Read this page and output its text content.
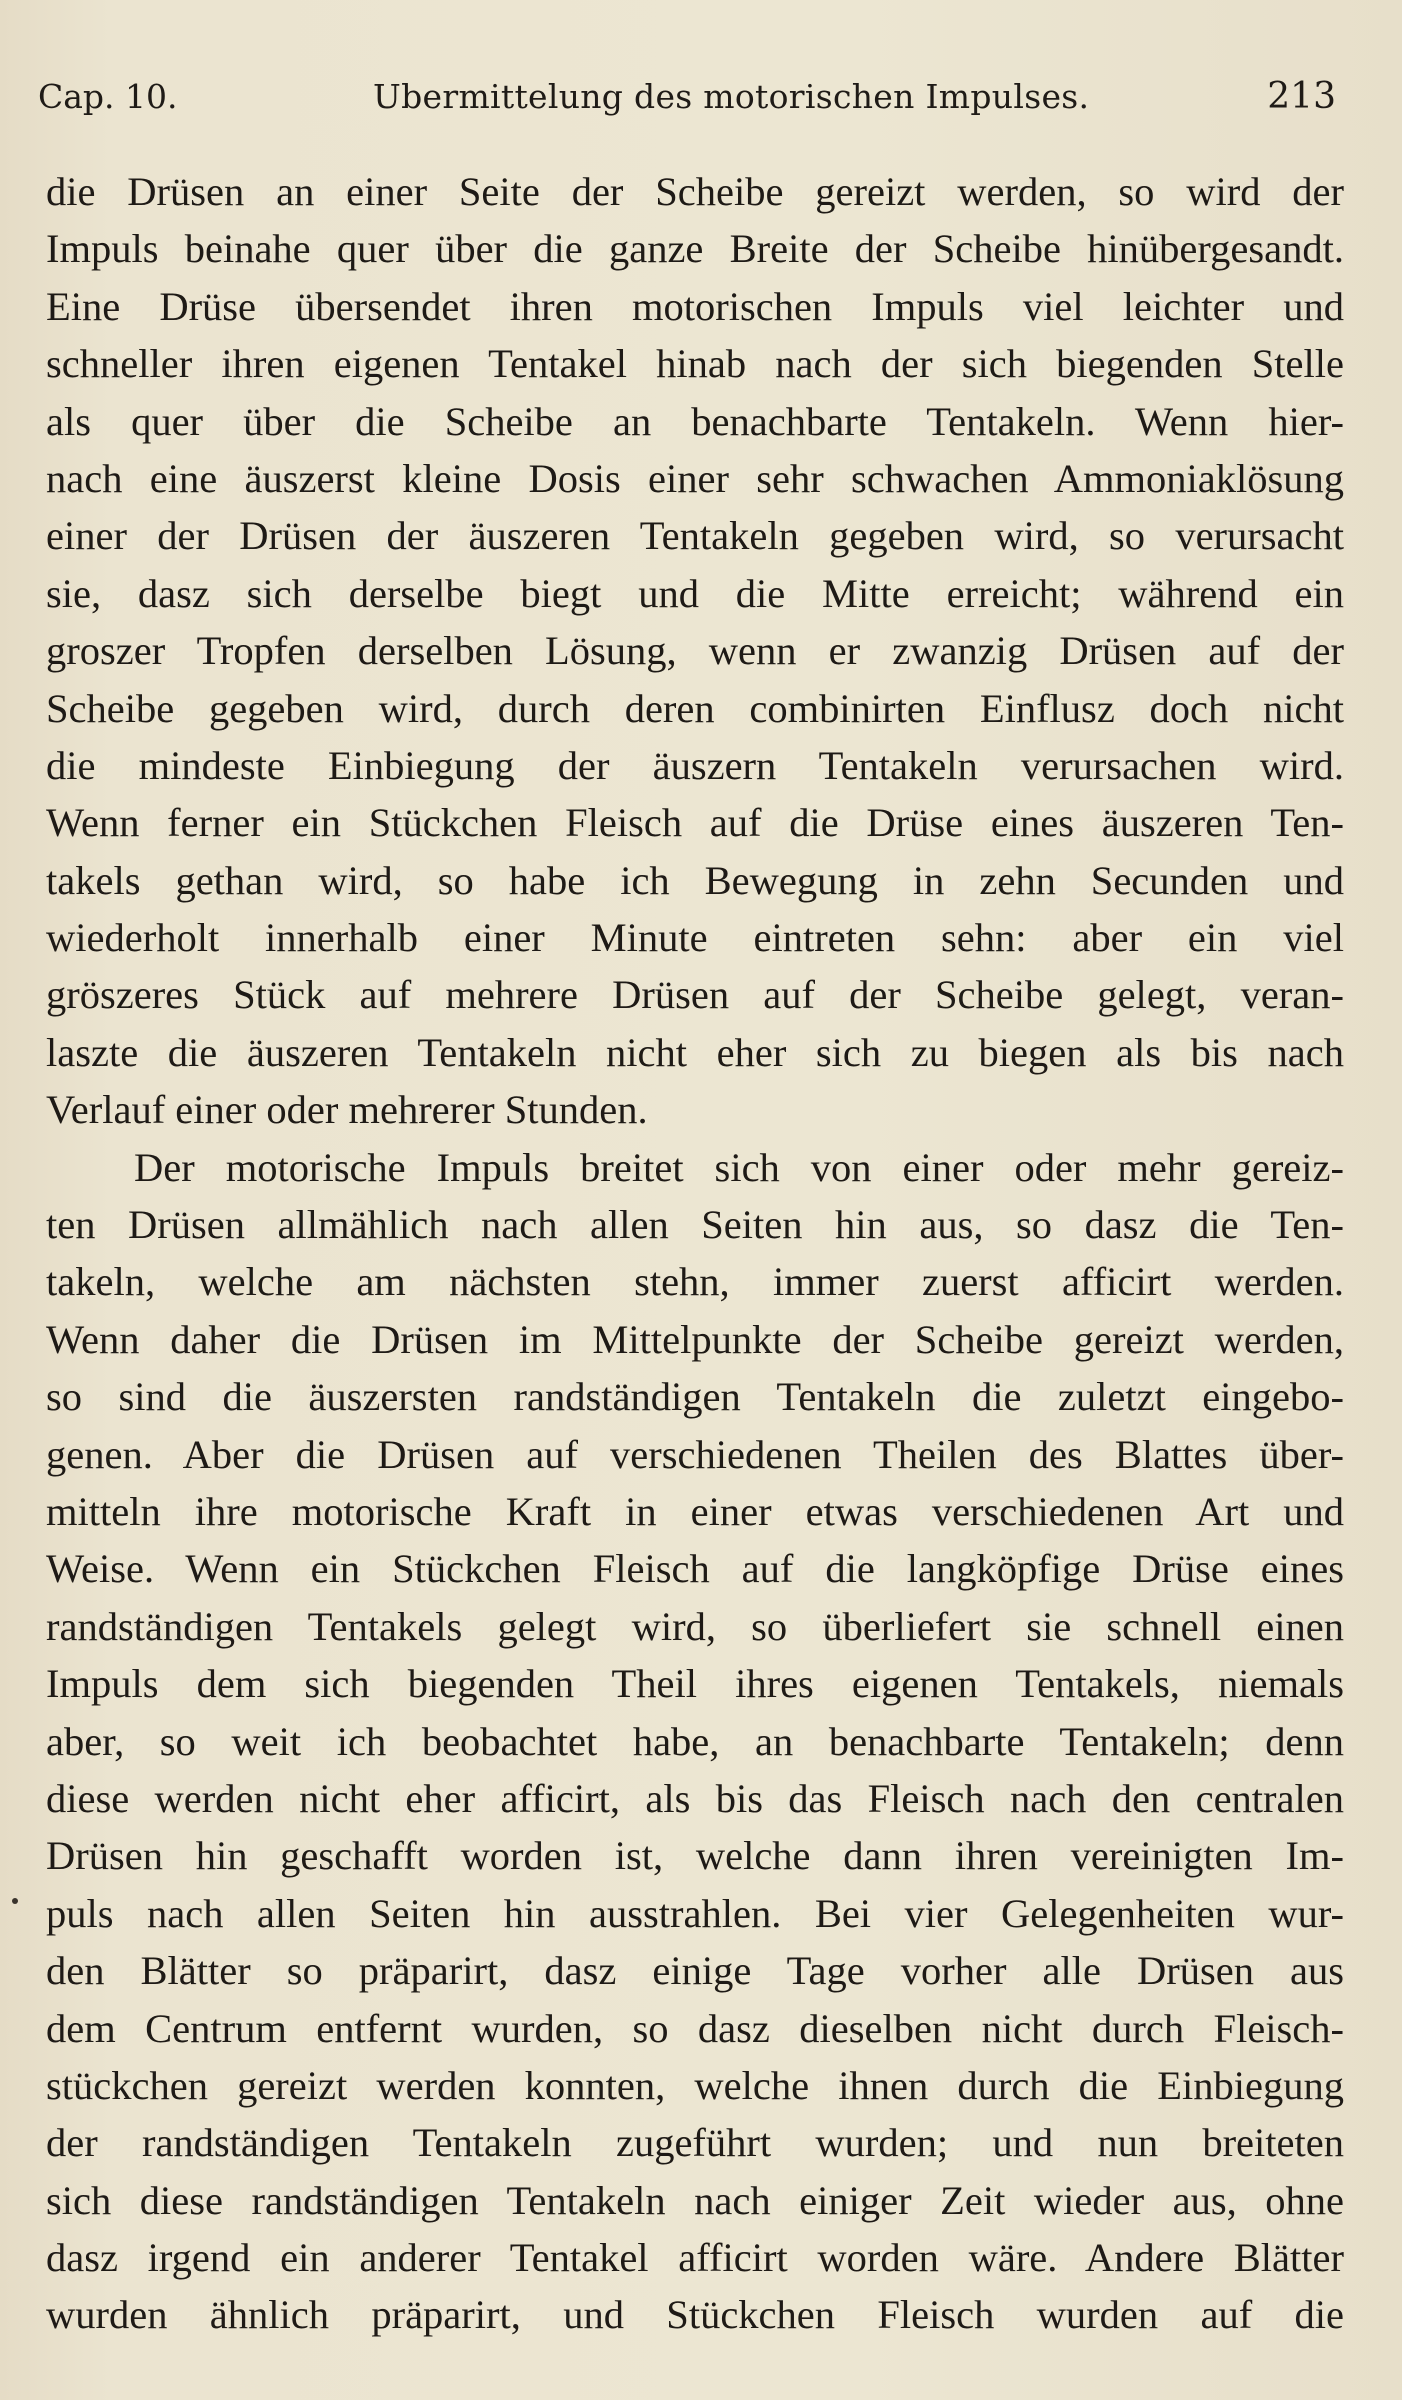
Cap. 10.	Ubermittelung des motorischen Impulses.	213
die Drüsen an einer Seite der Scheibe gereizt werden, so wird der
Impuls beinahe quer über die ganze Breite der Scheibe hinübergesandt.
Eine Drüse übersendet ihren motorischen Impuls viel leichter und
schneller ihren eigenen Tentakel hinab nach der sich biegenden Stelle
als quer über die Scheibe an benachbarte Tentakeln. Wenn hier-
nach eine äuszerst kleine Dosis einer sehr schwachen Ammoniaklösung
einer der Drüsen der äuszeren Tentakeln gegeben wird, so verursacht
sie, dasz sich derselbe biegt und die Mitte erreicht; während ein
groszer Tropfen derselben Lösung, wenn er zwanzig Drüsen auf der
Scheibe gegeben wird, durch deren combinirten Einflusz doch nicht
die mindeste Einbiegung der äuszern Tentakeln verursachen wird.
Wenn ferner ein Stückchen Fleisch auf die Drüse eines äuszeren Ten-
takels gethan wird, so habe ich Bewegung in zehn Secunden und
wiederholt innerhalb einer Minute eintreten sehn: aber ein viel
gröszeres Stück auf mehrere Drüsen auf der Scheibe gelegt, veran-
laszte die äuszeren Tentakeln nicht eher sich zu biegen als bis nach
Verlauf einer oder mehrerer Stunden.
Der motorische Impuls breitet sich von einer oder mehr gereiz-
ten Drüsen allmählich nach allen Seiten hin aus, so dasz die Ten-
takeln, welche am nächsten stehn, immer zuerst afficirt werden.
Wenn daher die Drüsen im Mittelpunkte der Scheibe gereizt werden,
so sind die äuszersten randständigen Tentakeln die zuletzt eingebo-
genen. Aber die Drüsen auf verschiedenen Theilen des Blattes über-
mitteln ihre motorische Kraft in einer etwas verschiedenen Art und
Weise. Wenn ein Stückchen Fleisch auf die langköpfige Drüse eines
randständigen Tentakels gelegt wird, so überliefert sie schnell einen
Impuls dem sich biegenden Theil ihres eigenen Tentakels, niemals
aber, so weit ich beobachtet habe, an benachbarte Tentakeln; denn
diese werden nicht eher afficirt, als bis das Fleisch nach den centralen
Drüsen hin geschafft worden ist, welche dann ihren vereinigten Im-
puls nach allen Seiten hin ausstrahlen. Bei vier Gelegenheiten wur-
den Blätter so präparirt, dasz einige Tage vorher alle Drüsen aus
dem Centrum entfernt wurden, so dasz dieselben nicht durch Fleisch-
stückchen gereizt werden konnten, welche ihnen durch die Einbiegung
der randständigen Tentakeln zugeführt wurden; und nun breiteten
sich diese randständigen Tentakeln nach einiger Zeit wieder aus, ohne
dasz irgend ein anderer Tentakel afficirt worden wäre. Andere Blätter
wurden ähnlich präparirt, und Stückchen Fleisch wurden auf die
